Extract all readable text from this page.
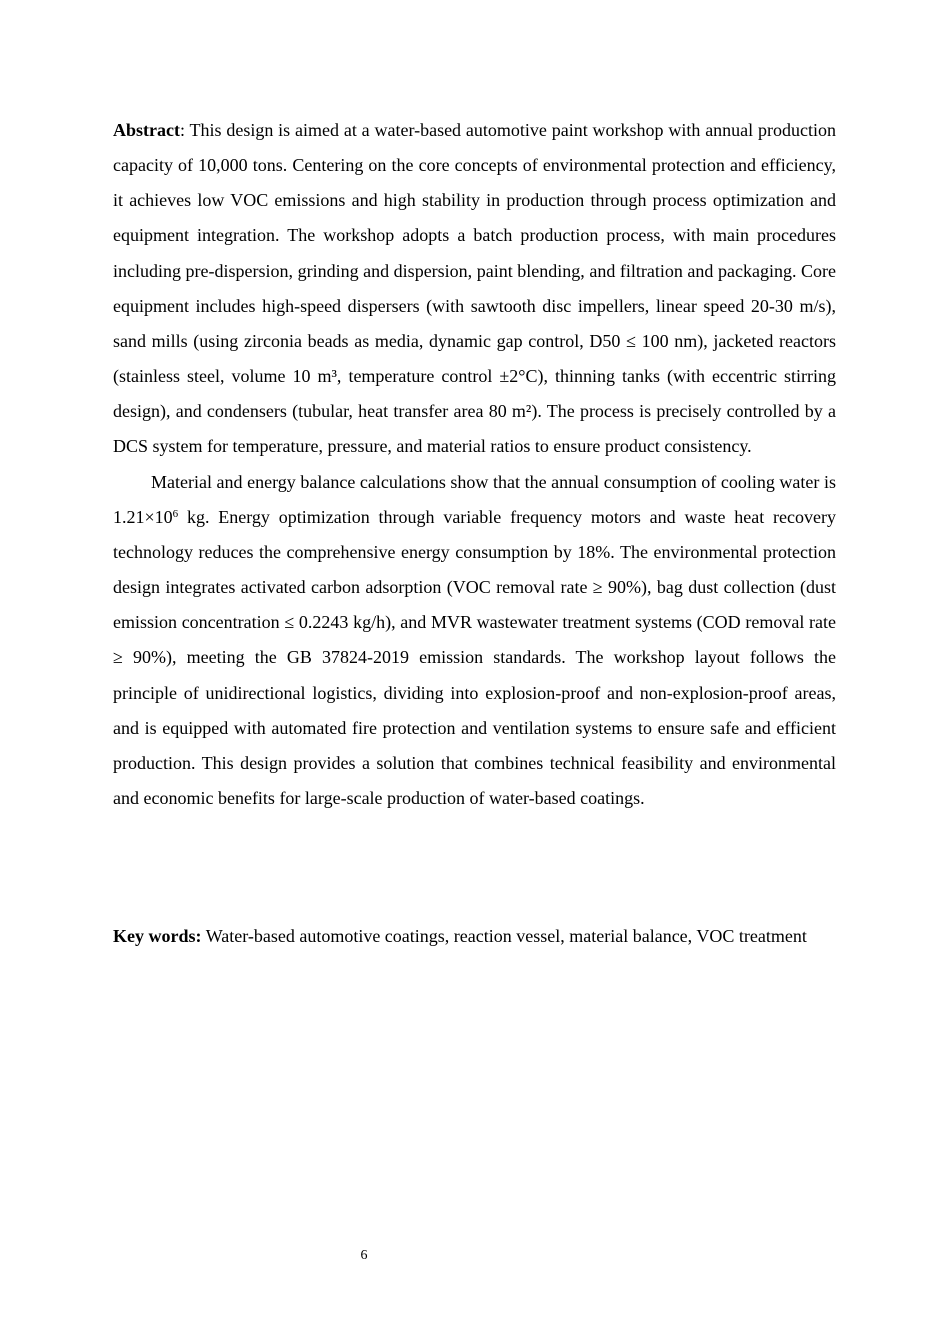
Abstract: This design is aimed at a water-based automotive paint workshop with annual production capacity of 10,000 tons. Centering on the core concepts of environmental protection and efficiency, it achieves low VOC emissions and high stability in production through process optimization and equipment integration. The workshop adopts a batch production process, with main procedures including pre-dispersion, grinding and dispersion, paint blending, and filtration and packaging. Core equipment includes high-speed dispersers (with sawtooth disc impellers, linear speed 20-30 m/s), sand mills (using zirconia beads as media, dynamic gap control, D50 ≤ 100 nm), jacketed reactors (stainless steel, volume 10 m³, temperature control ±2°C), thinning tanks (with eccentric stirring design), and condensers (tubular, heat transfer area 80 m²). The process is precisely controlled by a DCS system for temperature, pressure, and material ratios to ensure product consistency.

Material and energy balance calculations show that the annual consumption of cooling water is $1.21\times 10^6$ kg. Energy optimization through variable frequency motors and waste heat recovery technology reduces the comprehensive energy consumption by 18%. The environmental protection design integrates activated carbon adsorption (VOC removal rate ≥ 90%), bag dust collection (dust emission concentration ≤ 0.2243 kg/h), and MVR wastewater treatment systems (COD removal rate ≥ 90%), meeting the GB 37824-2019 emission standards. The workshop layout follows the principle of unidirectional logistics, dividing into explosion-proof and non-explosion-proof areas, and is equipped with automated fire protection and ventilation systems to ensure safe and efficient production. This design provides a solution that combines technical feasibility and environmental and economic benefits for large-scale production of water-based coatings.

Key words: Water-based automotive coatings, reaction vessel, material balance, VOC treatment

6
